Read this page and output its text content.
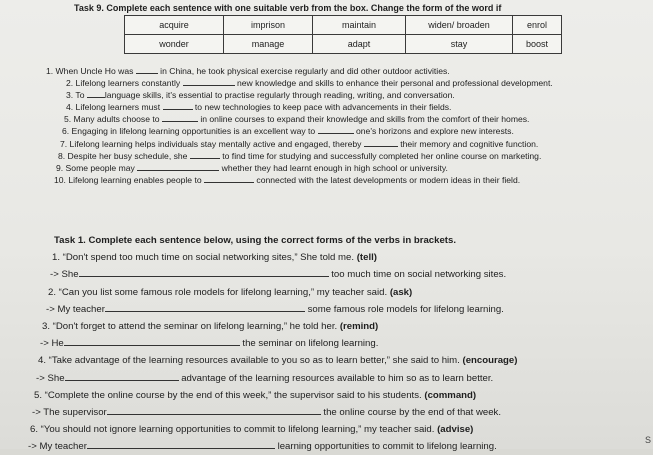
Task 9. Complete each sentence with one suitable verb from the box. Change the form of the word if
acquire	imprison	maintain	widen/ broaden	enrol
wonder	manage	adapt	stay	boost
1. When Uncle Ho was	in China, he took physical exercise regularly and did other outdoor activities.
2. Lifelong learners constantly	new knowledge and skills to enhance their personal and professional development.
3. To language skills, it's essential to practise regularly through reading, writing, and conversation.
4. Lifelong learners must	to new technologies to keep pace with advancements in their fields.
5. Many adults choose to	in online courses to expand their knowledge and skills from the comfort of their homes.
6. Engaging in lifelong learning opportunities is an excellent way to	one's horizons and explore new interests.
7. Lifelong learning helps individuals stay mentally active and engaged, thereby	their memory and cognitive function.
8. Despite her busy schedule, she	to find time for studying and successfully completed her online course on marketing.
9. Some people may	whether they had learnt enough in high school or university.
10. Lifelong learning enables people to	connected with the latest developments or modern ideas in their field.
Task 1. Complete each sentence below, using the correct forms of the verbs in brackets.
1. “Don't spend too much time on social networking sites,” She told me. (tell)
-> She	too much time on social networking sites.
2. “Can you list some famous role models for lifelong learning,” my teacher said. (ask)
-> My teacher	some famous role models for lifelong learning.
3. “Don't forget to attend the seminar on lifelong learning,” he told her. (remind)
-> He	the seminar on lifelong learning.
4. “Take advantage of the learning resources available to you so as to learn better,” she said to him. (encourage)
-> She	advantage of the learning resources available to him so as to learn better.
5. “Complete the online course by the end of this week,” the supervisor said to his students. (command)
-> The supervisor	the online course by the end of that week.
6. “You should not ignore learning opportunities to commit to lifelong learning,” my teacher said. (advise)
-> My teacher	learning opportunities to commit to lifelong learning.
S
